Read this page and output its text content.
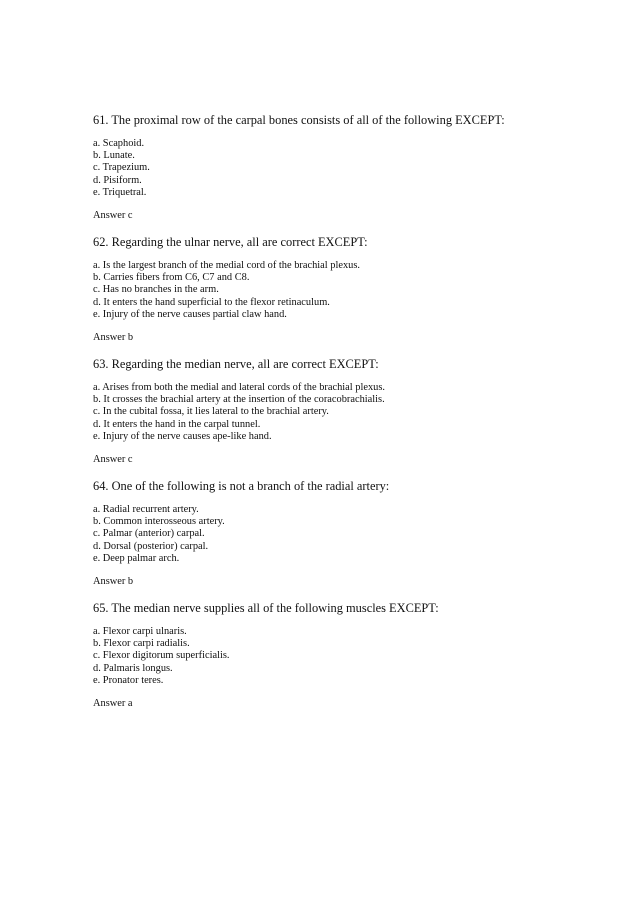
61. The proximal row of the carpal bones consists of all of the following EXCEPT:

a. Scaphoid.
b. Lunate.
c. Trapezium.
d. Pisiform.
e. Triquetral.

Answer c

62. Regarding the ulnar nerve, all are correct EXCEPT:

a. Is the largest branch of the medial cord of the brachial plexus.
b. Carries fibers from C6, C7 and C8.
c. Has no branches in the arm.
d. It enters the hand superficial to the flexor retinaculum.
e. Injury of the nerve causes partial claw hand.

Answer b

63. Regarding the median nerve, all are correct EXCEPT:

a. Arises from both the medial and lateral cords of the brachial plexus.
b. It crosses the brachial artery at the insertion of the coracobrachialis.
c. In the cubital fossa, it lies lateral to the brachial artery.
d. It enters the hand in the carpal tunnel.
e. Injury of the nerve causes ape-like hand.

Answer c

64. One of the following is not a branch of the radial artery:

a. Radial recurrent artery.
b. Common interosseous artery.
c. Palmar (anterior) carpal.
d. Dorsal (posterior) carpal.
e. Deep palmar arch.

Answer b

65. The median nerve supplies all of the following muscles EXCEPT:

a. Flexor carpi ulnaris.
b. Flexor carpi radialis.
c. Flexor digitorum superficialis.
d. Palmaris longus.
e. Pronator teres.

Answer a
